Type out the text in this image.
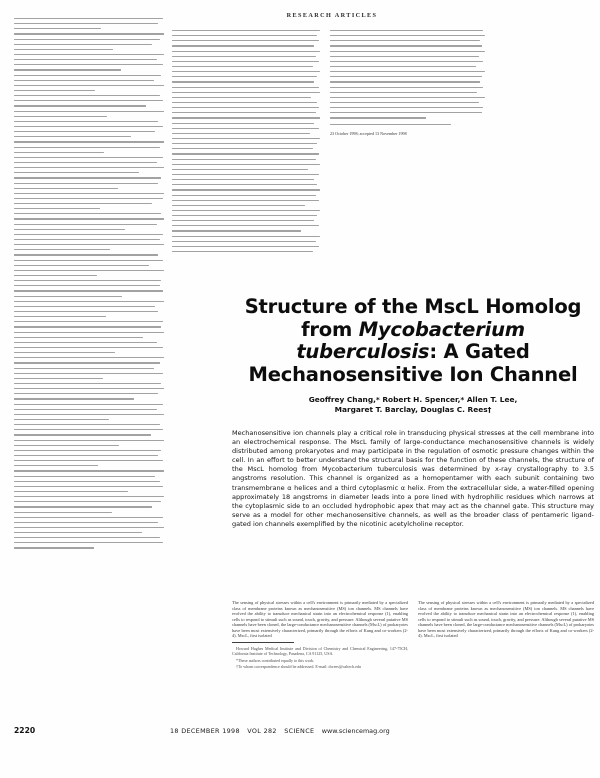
RESEARCH ARTICLES

23 October 1998; accepted 13 November 1998

Structure of the MscL Homolog
from Mycobacterium
tuberculosis: A Gated
Mechanosensitive Ion Channel
Geoffrey Chang,* Robert H. Spencer,* Allen T. Lee,
Margaret T. Barclay, Douglas C. Rees†
Mechanosensitive ion channels play a critical role in transducing physical stresses at the cell membrane into an electrochemical response. The MscL family of large-conductance mechanosensitive channels is widely distributed among prokaryotes and may participate in the regulation of osmotic pressure changes within the cell. In an effort to better understand the structural basis for the function of these channels, the structure of the MscL homolog from Mycobacterium tuberculosis was determined by x-ray crystallography to 3.5 angstroms resolution. This channel is organized as a homopentamer with each subunit containing two transmembrane α helices and a third cytoplasmic α helix. From the extracellular side, a water-filled opening approximately 18 angstroms in diameter leads into a pore lined with hydrophilic residues which narrows at the cytoplasmic side to an occluded hydrophobic apex that may act as the channel gate. This structure may serve as a model for other mechanosensitive channels, as well as the broader class of pentameric ligand-gated ion channels exemplified by the nicotinic acetylcholine receptor.

The sensing of physical stresses within a cell's environment is primarily mediated by a specialized class of membrane proteins known as mechanosensitive (MS) ion channels. MS channels have evolved the ability to transduce mechanical strain into an electrochemical response (1), enabling cells to respond to stimuli such as sound, touch, gravity, and pressure. Although several putative MS channels have been cloned, the large-conductance mechanosensitive channels (MscL) of prokaryotes have been most extensively characterized, primarily through the efforts of Kung and co-workers (2-4). MscL, first isolated

Howard Hughes Medical Institute and Division of Chemistry and Chemical Engineering, 147-75CH, California Institute of Technology, Pasadena, CA 91125, USA.

*These authors contributed equally to this work.

†To whom correspondence should be addressed. E-mail: dcrees@caltech.edu

The sensing of physical stresses within a cell's environment is primarily mediated by a specialized class of membrane proteins known as mechanosensitive (MS) ion channels. MS channels have evolved the ability to transduce mechanical strain into an electrochemical response (1), enabling cells to respond to stimuli such as sound, touch, gravity, and pressure. Although several putative MS channels have been cloned, the large-conductance mechanosensitive channels (MscL) of prokaryotes have been most extensively characterized, primarily through the efforts of Kung and co-workers (2-4). MscL, first isolated

2220	18 DECEMBER 1998 VOL 282 SCIENCE www.sciencemag.org
